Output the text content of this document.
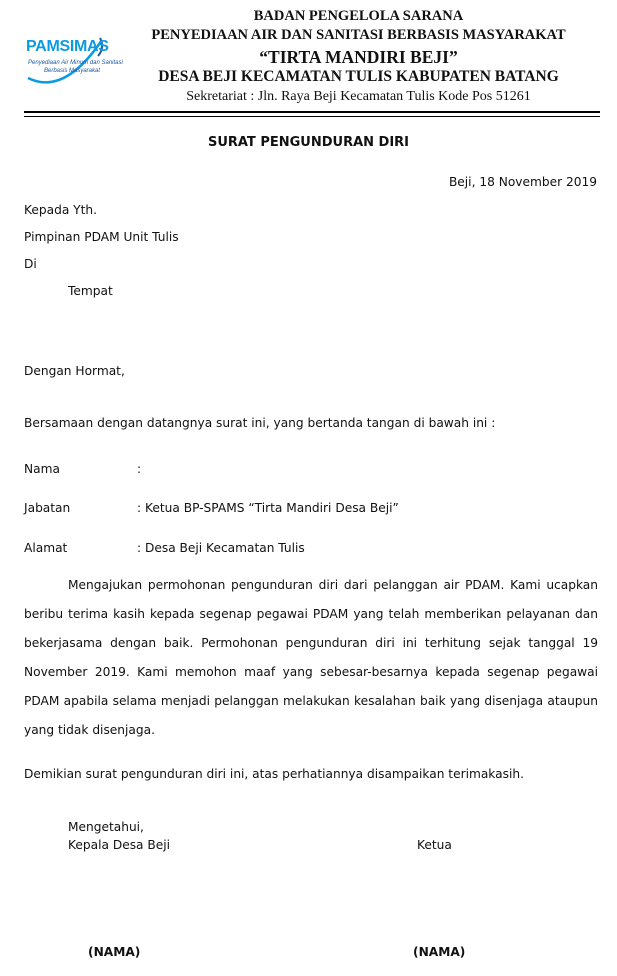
PAMSIMAS
Penyediaan Air Minum dan Sanitasi
Berbasis Masyarakat
BADAN PENGELOLA SARANA
PENYEDIAAN AIR DAN SANITASI BERBASIS MASYARAKAT
“TIRTA MANDIRI BEJI”
DESA BEJI KECAMATAN TULIS KABUPATEN BATANG
Sekretariat : Jln. Raya Beji Kecamatan Tulis Kode Pos 51261
SURAT PENGUNDURAN DIRI
Beji, 18 November 2019
Kepada Yth.
Pimpinan PDAM Unit Tulis
Di
Tempat
Dengan Hormat,
Bersamaan dengan datangnya surat ini, yang bertanda tangan di bawah ini :
Nama	:
Jabatan	: Ketua BP-SPAMS “Tirta Mandiri Desa Beji”
Alamat	: Desa Beji Kecamatan Tulis
Mengajukan permohonan pengunduran diri dari pelanggan air PDAM. Kami ucapkan beribu terima kasih kepada segenap pegawai PDAM yang telah memberikan pelayanan dan bekerjasama dengan baik. Permohonan pengunduran diri ini terhitung sejak tanggal 19 November 2019. Kami memohon maaf yang sebesar-besarnya kepada segenap pegawai PDAM apabila selama menjadi pelanggan melakukan kesalahan baik yang disenjaga ataupun yang tidak disenjaga.
Demikian surat pengunduran diri ini, atas perhatiannya disampaikan terimakasih.
Mengetahui,
Kepala Desa Beji	Ketua
(NAMA)	(NAMA)
